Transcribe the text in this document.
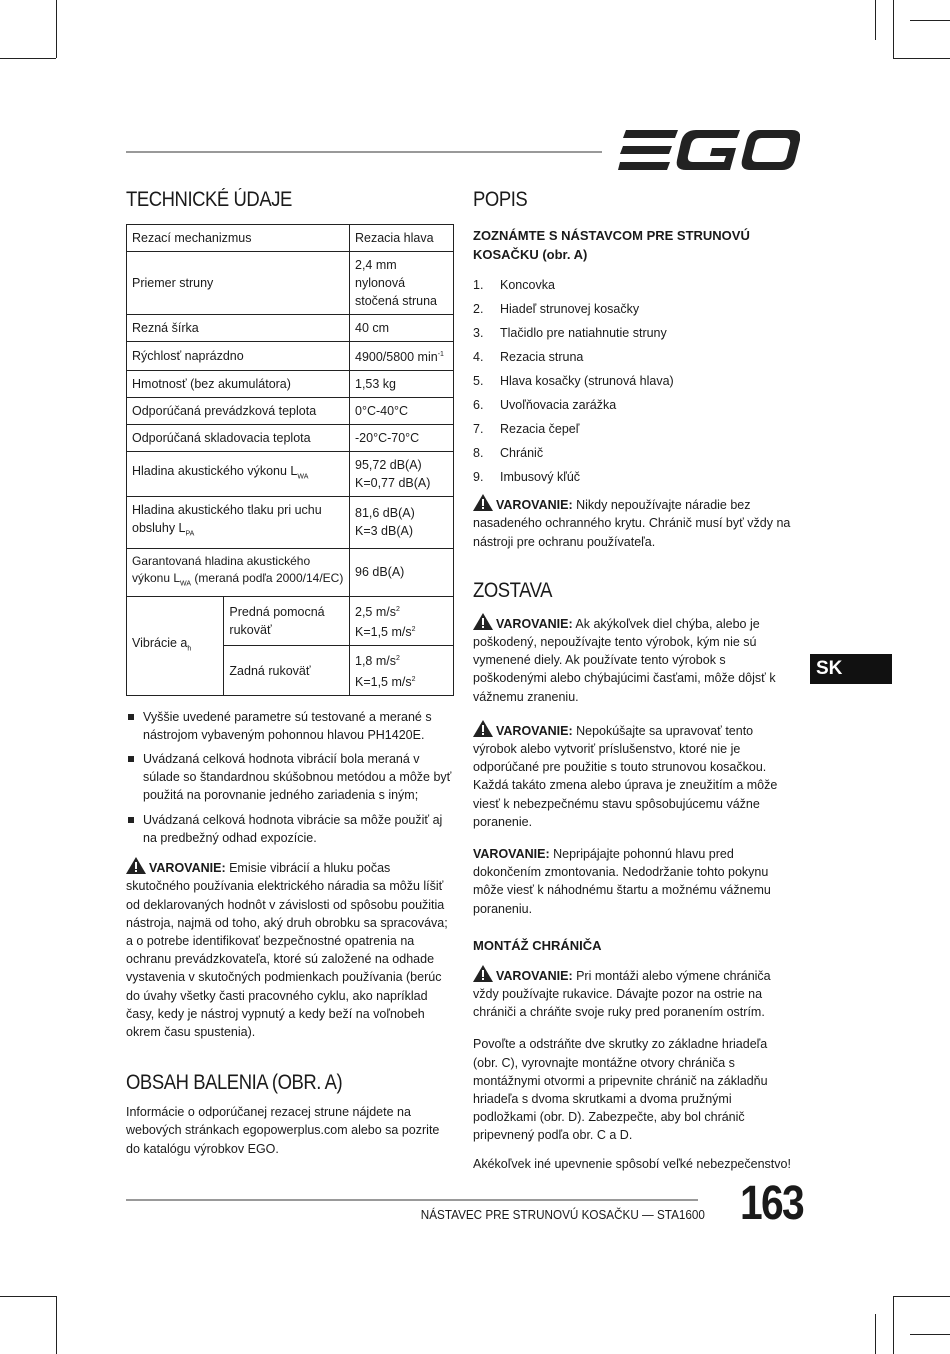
TECHNICKÉ ÚDAJE
Rezací mechanizmus		Rezacia hlava
Priemer struny		2,4 mm
nylonová
stočená struna
Rezná šírka		40 cm
Rýchlosť naprázdno		4900/5800 $\min^{-1}$
Hmotnosť (bez akumulátora)		1,53 kg
Odporúčaná prevádzková teplota		0°C-40°C
Odporúčaná skladovacia teplota		-20°C-70°C
Hladina akustického výkonu $L_{WA}$		95,72 dB(A)
K=0,77 dB(A)
Hladina akustického tlaku pri uchu
obsluhy $L_{PA}$		81,6 dB(A)
K=3 dB(A)
Garantovaná hladina akustického
výkonu $L_{WA}$ (meraná podľa 2000/14/EC)		96 dB(A)
Vibrácie $a_h$	Predná pomocná
rukoväť	2,5 $m/s^2$
K=1,5 $m/s^2$
	Zadná rukoväť	1,8 $m/s^2$
K=1,5 $m/s^2$
Vyššie uvedené parametre sú testované a merané s nástrojom vybaveným pohonnou hlavou PH1420E.
Uvádzaná celková hodnota vibrácií bola meraná v súlade so štandardnou skúšobnou metódou a môže byť použitá na porovnanie jedného zariadenia s iným;
Uvádzaná celková hodnota vibrácie sa môže použiť aj na predbežný odhad expozície.

VAROVANIE: Emisie vibrácií a hluku počas skutočného používania elektrického náradia sa môžu líšiť od deklarovaných hodnôt v závislosti od spôsobu použitia nástroja, najmä od toho, aký druh obrobku sa spracováva; a o potrebe identifikovať bezpečnostné opatrenia na ochranu prevádzkovateľa, ktoré sú založené na odhade vystavenia v skutočných podmienkach používania (berúc do úvahy všetky časti pracovného cyklu, ako napríklad časy, kedy je nástroj vypnutý a kedy beží na voľnobeh okrem času spustenia).

OBSAH BALENIA (OBR. A)

Informácie o odporúčanej rezacej strune nájdete na webových stránkach egopowerplus.com alebo sa pozrite do katalógu výrobkov EGO.

POPIS
ZOZNÁMTE S NÁSTAVCOM PRE STRUNOVÚ KOSAČKU (obr. A)
1.	Koncovka
2.	Hiadeľ strunovej kosačky
3.	Tlačidlo pre natiahnutie struny
4.	Rezacia struna
5.	Hlava kosačky (strunová hlava)
6.	Uvoľňovacia zarážka
7.	Rezacia čepeľ
8.	Chránič
9.	Imbusový kľúč

VAROVANIE: Nikdy nepoužívajte náradie bez nasadeného ochranného krytu. Chránič musí byť vždy na nástroji pre ochranu používateľa.

ZOSTAVA

VAROVANIE: Ak akýkoľvek diel chýba, alebo je poškodený, nepoužívajte tento výrobok, kým nie sú vymenené diely. Ak používate tento výrobok s poškodenými alebo chýbajúcimi časťami, môže dôjsť k vážnemu zraneniu.

VAROVANIE: Nepokúšajte sa upravovať tento výrobok alebo vytvoriť príslušenstvo, ktoré nie je odporúčané pre použitie s touto strunovou kosačkou. Každá takáto zmena alebo úprava je zneužitím a môže viesť k nebezpečnému stavu spôsobujúcemu vážne poranenie.

VAROVANIE: Nepripájajte pohonnú hlavu pred dokončením zmontovania. Nedodržanie tohto pokynu môže viesť k náhodnému štartu a možnému vážnemu poraneniu.

MONTÁŽ CHRÁNIČA

VAROVANIE: Pri montáži alebo výmene chrániča vždy používajte rukavice. Dávajte pozor na ostrie na chrániči a chráňte svoje ruky pred poranením ostrím.

Povoľte a odstráňte dve skrutky zo základne hriadeľa (obr. C), vyrovnajte montážne otvory chrániča s montážnymi otvormi a pripevnite chránič na základňu hriadeľa s dvoma skrutkami a dvoma pružnými podložkami (obr. D). Zabezpečte, aby bol chránič pripevnený podľa obr. C a D.

Akékoľvek iné upevnenie spôsobí veľké nebezpečenstvo!

SK
NÁSTAVEC PRE STRUNOVÚ KOSAČKU — STA1600 163
